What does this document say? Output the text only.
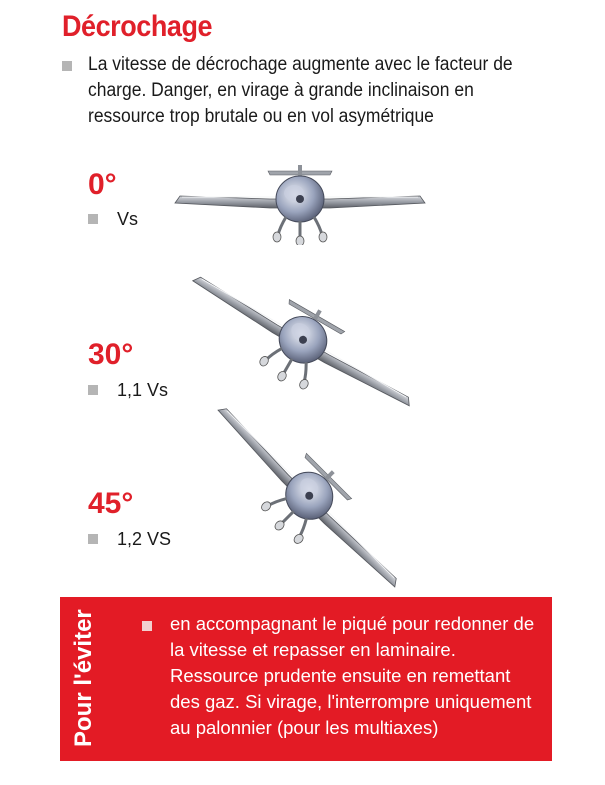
Décrochage
La vitesse de décrochage augmente avec le facteur de charge. Danger, en virage à grande inclinaison en ressource trop brutale ou en vol asymétrique
0°
Vs
30°
1,1 Vs
45°
1,2 VS
Pour l'éviter	en accompagnant le piqué pour redonner de la vitesse et repasser en laminaire. Ressource prudente ensuite en remettant des gaz. Si virage, l'interrompre uniquement au palonnier (pour les multiaxes)
